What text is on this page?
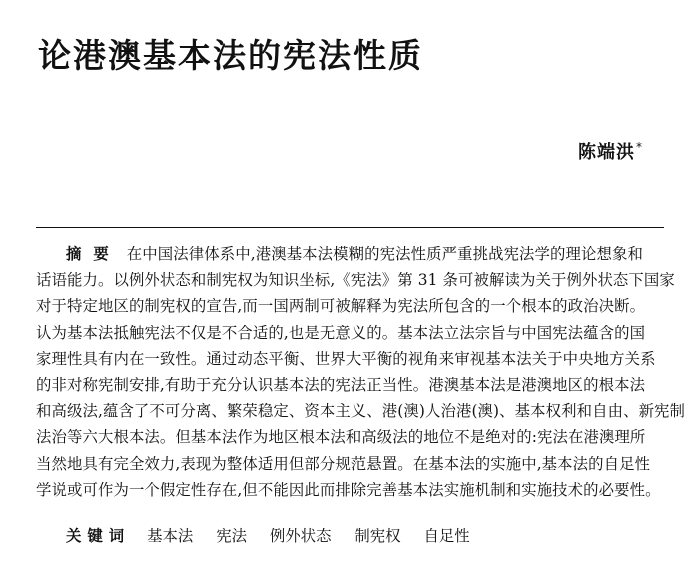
论港澳基本法的宪法性质
陈端洪*
摘要 在中国法律体系中,港澳基本法模糊的宪法性质严重挑战宪法学的理论想象和
话语能力。以例外状态和制宪权为知识坐标,《宪法》第 31 条可被解读为关于例外状态下国家
对于特定地区的制宪权的宣告,而一国两制可被解释为宪法所包含的一个根本的政治决断。
认为基本法抵触宪法不仅是不合适的,也是无意义的。基本法立法宗旨与中国宪法蕴含的国
家理性具有内在一致性。通过动态平衡、世界大平衡的视角来审视基本法关于中央地方关系
的非对称宪制安排,有助于充分认识基本法的宪法正当性。港澳基本法是港澳地区的根本法
和高级法,蕴含了不可分离、繁荣稳定、资本主义、港(澳)人治港(澳)、基本权利和自由、新宪制
法治等六大根本法。但基本法作为地区根本法和高级法的地位不是绝对的:宪法在港澳理所
当然地具有完全效力,表现为整体适用但部分规范悬置。在基本法的实施中,基本法的自足性
学说或可作为一个假定性存在,但不能因此而排除完善基本法实施机制和实施技术的必要性。
关键词 基本法 宪法 例外状态 制宪权 自足性
